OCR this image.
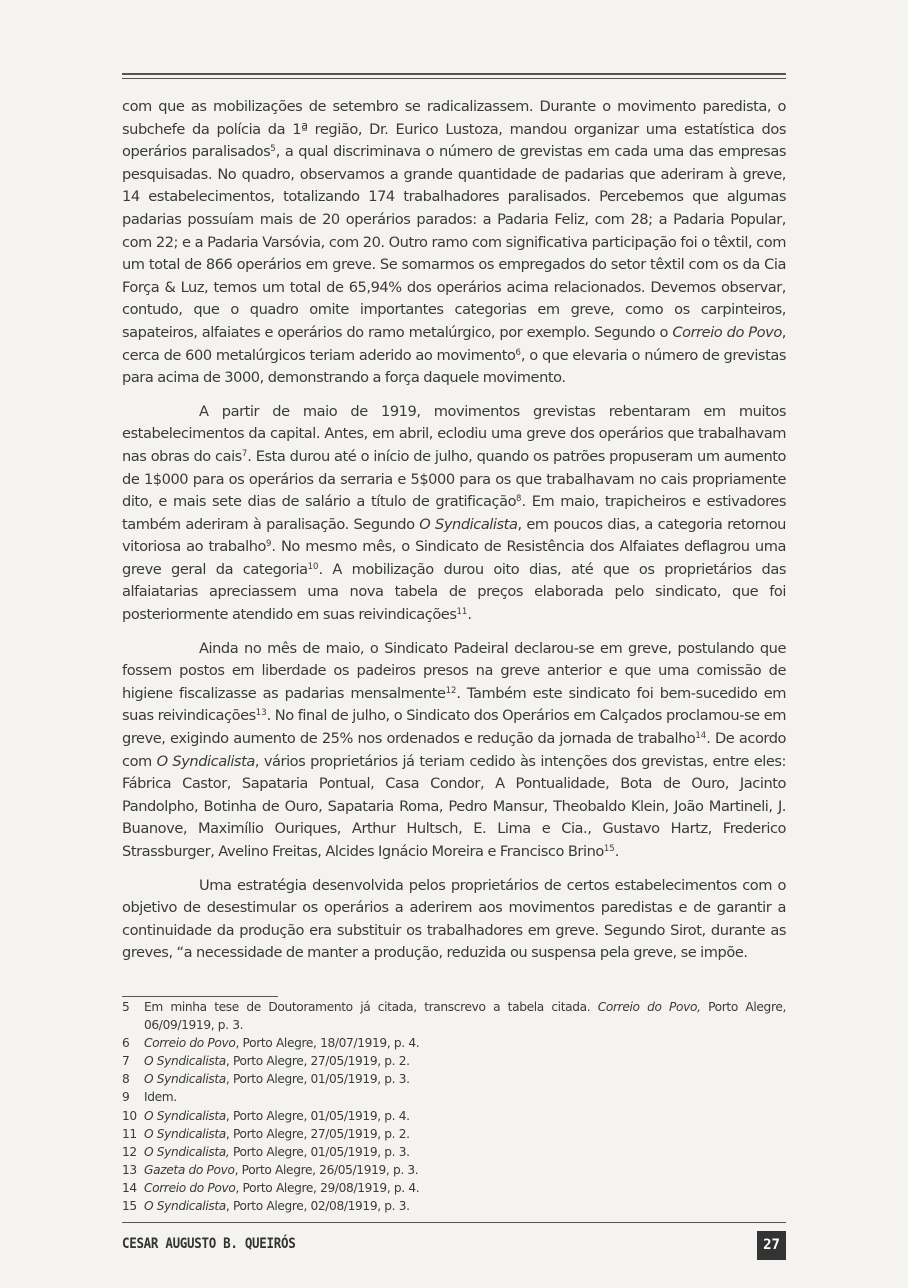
com que as mobilizações de setembro se radicalizassem. Durante o movimento paredista, o subchefe da polícia da 1ª região, Dr. Eurico Lustoza, mandou organizar uma estatística dos operários paralisados$^5$, a qual discriminava o número de grevistas em cada uma das empresas pesquisadas. No quadro, observamos a grande quantidade de padarias que aderiram à greve, 14 estabelecimentos, totalizando 174 trabalhadores paralisados. Percebemos que algumas padarias possuíam mais de 20 operários parados: a Padaria Feliz, com 28; a Padaria Popular, com 22; e a Padaria Varsóvia, com 20. Outro ramo com significativa participação foi o têxtil, com um total de 866 operários em greve. Se somarmos os empregados do setor têxtil com os da Cia Força & Luz, temos um total de 65,94% dos operários acima relacionados. Devemos observar, contudo, que o quadro omite importantes categorias em greve, como os carpinteiros, sapateiros, alfaiates e operários do ramo metalúrgico, por exemplo. Segundo o Correio do Povo, cerca de 600 metalúrgicos teriam aderido ao movimento$^6$, o que elevaria o número de grevistas para acima de 3000, demonstrando a força daquele movimento.

A partir de maio de 1919, movimentos grevistas rebentaram em muitos estabelecimentos da capital. Antes, em abril, eclodiu uma greve dos operários que trabalhavam nas obras do cais$^7$. Esta durou até o início de julho, quando os patrões propuseram um aumento de 1$000 para os operários da serraria e 5$000 para os que trabalhavam no cais propriamente dito, e mais sete dias de salário a título de gratificação$^8$. Em maio, trapicheiros e estivadores também aderiram à paralisação. Segundo O Syndicalista, em poucos dias, a categoria retornou vitoriosa ao trabalho$^9$. No mesmo mês, o Sindicato de Resistência dos Alfaiates deflagrou uma greve geral da categoria$^{10}$. A mobilização durou oito dias, até que os proprietários das alfaiatarias apreciassem uma nova tabela de preços elaborada pelo sindicato, que foi posteriormente atendido em suas reivindicações$^{11}$.

Ainda no mês de maio, o Sindicato Padeiral declarou-se em greve, postulando que fossem postos em liberdade os padeiros presos na greve anterior e que uma comissão de higiene fiscalizasse as padarias mensalmente$^{12}$. Também este sindicato foi bem-sucedido em suas reivindicações$^{13}$. No final de julho, o Sindicato dos Operários em Calçados proclamou-se em greve, exigindo aumento de 25% nos ordenados e redução da jornada de trabalho$^{14}$. De acordo com O Syndicalista, vários proprietários já teriam cedido às intenções dos grevistas, entre eles: Fábrica Castor, Sapataria Pontual, Casa Condor, A Pontualidade, Bota de Ouro, Jacinto Pandolpho, Botinha de Ouro, Sapataria Roma, Pedro Mansur, Theobaldo Klein, João Martineli, J. Buanove, Maximílio Ouriques, Arthur Hultsch, E. Lima e Cia., Gustavo Hartz, Frederico Strassburger, Avelino Freitas, Alcides Ignácio Moreira e Francisco Brino$^{15}$.

Uma estratégia desenvolvida pelos proprietários de certos estabelecimentos com o objetivo de desestimular os operários a aderirem aos movimentos paredistas e de garantir a continuidade da produção era substituir os trabalhadores em greve. Segundo Sirot, durante as greves, “a necessidade de manter a produção, reduzida ou suspensa pela greve, se impõe.

5	Em minha tese de Doutoramento já citada, transcrevo a tabela citada. Correio do Povo, Porto Alegre, 06/09/1919, p. 3.
6	Correio do Povo, Porto Alegre, 18/07/1919, p. 4.
7	O Syndicalista, Porto Alegre, 27/05/1919, p. 2.
8	O Syndicalista, Porto Alegre, 01/05/1919, p. 3.
9	Idem.
10 O Syndicalista, Porto Alegre, 01/05/1919, p. 4.
11 O Syndicalista, Porto Alegre, 27/05/1919, p. 2.
12 O Syndicalista, Porto Alegre, 01/05/1919, p. 3.
13 Gazeta do Povo, Porto Alegre, 26/05/1919, p. 3.
14 Correio do Povo, Porto Alegre, 29/08/1919, p. 4.
15 O Syndicalista, Porto Alegre, 02/08/1919, p. 3.
CESAR AUGUSTO B. QUEIRÓS	27
